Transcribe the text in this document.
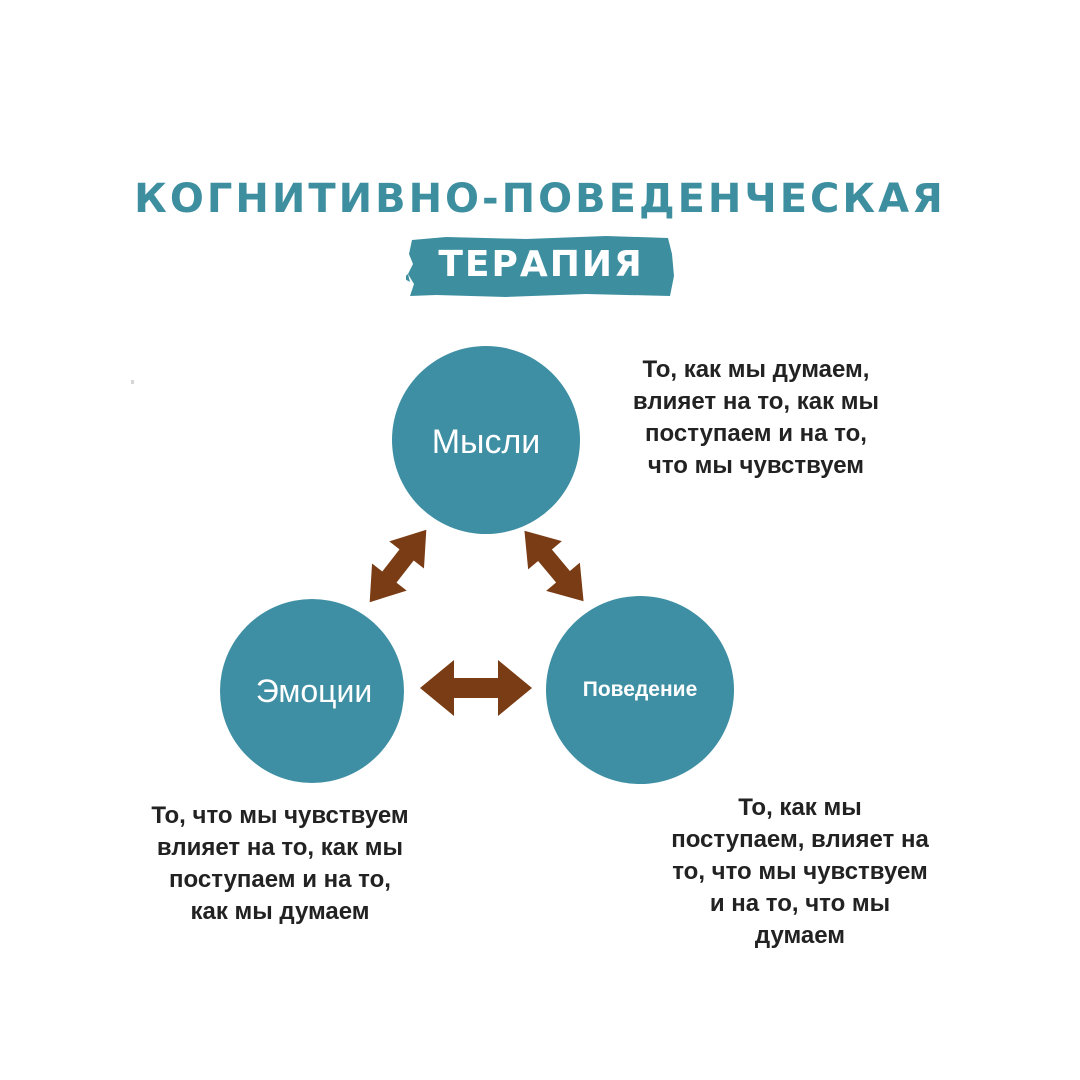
КОГНИТИВНО-ПОВЕДЕНЧЕСКАЯ
ТЕРАПИЯ
Мысли
Эмоции	Поведение
То, как мы думаем,
влияет на то, как мы
поступаем и на то,
что мы чувствуем
То, что мы чувствуем
влияет на то, как мы
поступаем и на то,
как мы думаем
То, как мы
поступаем, влияет на
то, что мы чувствуем
и на то, что мы
думаем
